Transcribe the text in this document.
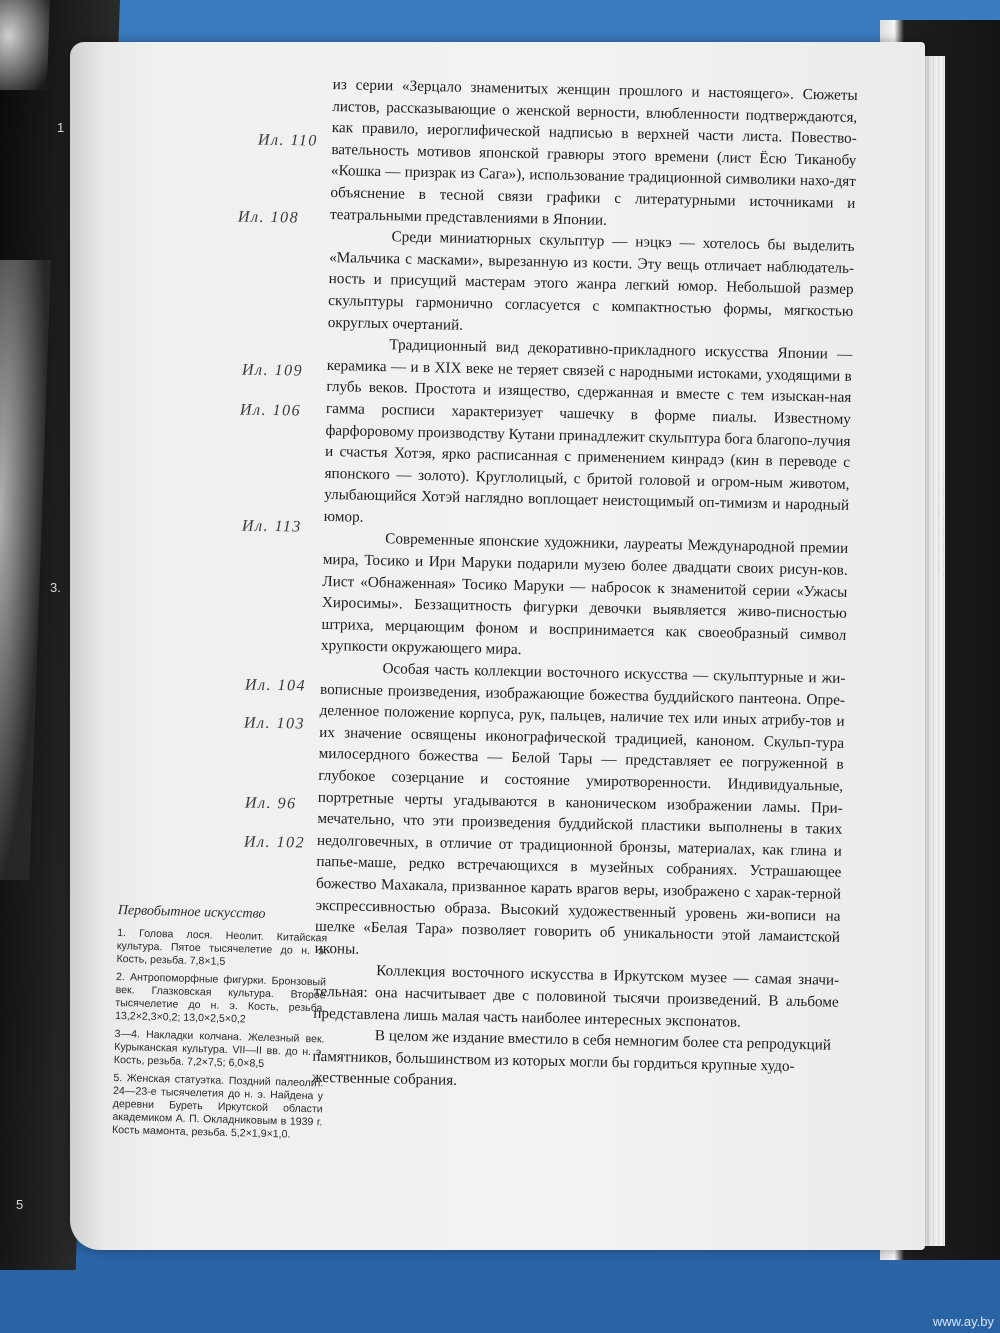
1
3.
5
·
·
·
·
·
·
·
·
Ил. 110
Ил. 108
Ил. 109
Ил. 106
Ил. 113
Ил. 104
Ил. 103
Ил. 96
Ил. 102

из серии «Зерцало знаменитых женщин прошлого и настоящего». Сюжеты листов, рассказывающие о женской верности, влюбленности подтверждаются, как правило, иероглифической надписью в верхней части листа. Повество-вательность мотивов японской гравюры этого времени (лист Ёсю Тиканобу «Кошка — призрак из Сага»), использование традиционной символики нахо-дят объяснение в тесной связи графики с литературными источниками и театральными представлениями в Японии.

Среди миниатюрных скульптур — нэцкэ — хотелось бы выделить «Мальчика с масками», вырезанную из кости. Эту вещь отличает наблюдатель-ность и присущий мастерам этого жанра легкий юмор. Небольшой размер скульптуры гармонично согласуется с компактностью формы, мягкостью округлых очертаний.

Традиционный вид декоративно-прикладного искусства Японии — керамика — и в XIX веке не теряет связей с народными истоками, уходящими в глубь веков. Простота и изящество, сдержанная и вместе с тем изыскан-ная гамма росписи характеризует чашечку в форме пиалы. Известному фарфоровому производству Кутани принадлежит скульптура бога благопо-лучия и счастья Хотэя, ярко расписанная с применением кинрадэ (кин в переводе с японского — золото). Круглолицый, с бритой головой и огром-ным животом, улыбающийся Хотэй наглядно воплощает неистощимый оп-тимизм и народный юмор.

Современные японские художники, лауреаты Международной премии мира, Тосико и Ири Маруки подарили музею более двадцати своих рисун-ков. Лист «Обнаженная» Тосико Маруки — набросок к знаменитой серии «Ужасы Хиросимы». Беззащитность фигурки девочки выявляется живо-писностью штриха, мерцающим фоном и воспринимается как своеобразный символ хрупкости окружающего мира.

Особая часть коллекции восточного искусства — скульптурные и жи-вописные произведения, изображающие божества буддийского пантеона. Опре-деленное положение корпуса, рук, пальцев, наличие тех или иных атрибу-тов и их значение освящены иконографической традицией, каноном. Скульп-тура милосердного божества — Белой Тары — представляет ее погруженной в глубокое созерцание и состояние умиротворенности. Индивидуальные, портретные черты угадываются в каноническом изображении ламы. При-мечательно, что эти произведения буддийской пластики выполнены в таких недолговечных, в отличие от традиционной бронзы, материалах, как глина и папье-маше, редко встречающихся в музейных собраниях. Устрашающее божество Махакала, призванное карать врагов веры, изображено с харак-терной экспрессивностью образа. Высокий художественный уровень жи-вописи на шелке «Белая Тара» позволяет говорить об уникальности этой ламаистской иконы.

Коллекция восточного искусства в Иркутском музее — самая значи-тельная: она насчитывает две с половиной тысячи произведений. В альбоме представлена лишь малая часть наиболее интересных экспонатов.

В целом же издание вместило в себя немногим более ста репродукций памятников, большинством из которых могли бы гордиться крупные худо-жественные собрания.

Первобытное искусство
1. Голова лося. Неолит. Китайская культура. Пятое тысячелетие до н. э. Кость, резьба. 7,8×1,5
2. Антропоморфные фигурки. Бронзовый век. Глазковская культура. Второе тысячелетие до н. э. Кость, резьба. 13,2×2,3×0,2; 13,0×2,5×0,2
3—4. Накладки колчана. Железный век. Курыканская культура. VII—II вв. до н. э. Кость, резьба. 7,2×7,5; 6,0×8,5
5. Женская статуэтка. Поздний палеолит. 24—23-е тысячелетия до н. э. Найдена у деревни Буреть Иркутской области академиком А. П. Окладниковым в 1939 г. Кость мамонта, резьба. 5,2×1,9×1,0.
www.ay.by
